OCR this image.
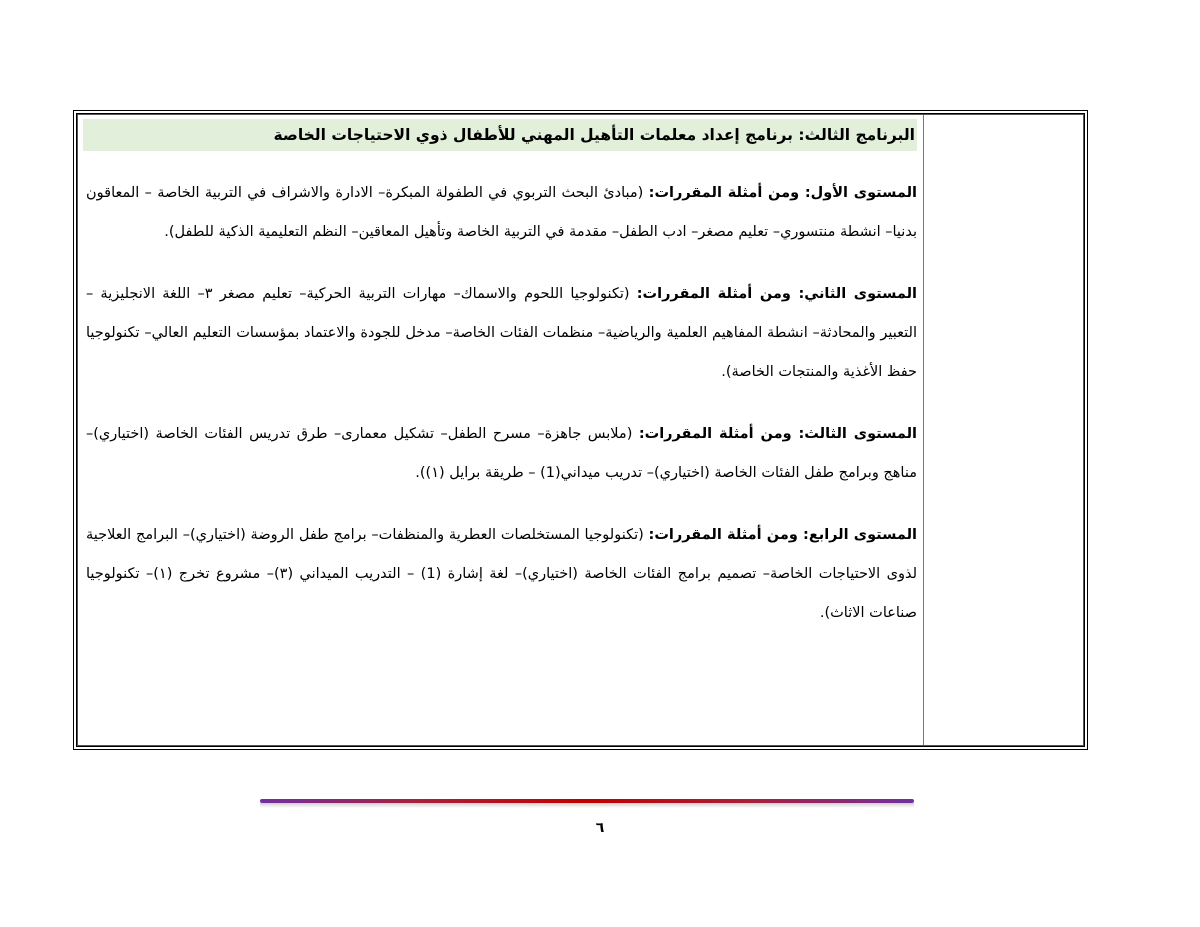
البرنامج الثالث: برنامج إعداد معلمات التأهيل المهني للأطفال ذوي الاحتياجات الخاصة
المستوى الأول: ومن أمثلة المقررات: (مبادئ البحث التربوي في الطفولة المبكرة– الادارة والاشراف في التربية الخاصة – المعاقون بدنيا– انشطة منتسوري– تعليم مصغر– ادب الطفل– مقدمة في التربية الخاصة وتأهيل المعاقين– النظم التعليمية الذكية للطفل).
المستوى الثاني: ومن أمثلة المقررات: (تكنولوجيا اللحوم والاسماك– مهارات التربية الحركية– تعليم مصغر ٣– اللغة الانجليزية – التعبير والمحادثة– انشطة المفاهيم العلمية والرياضية– منظمات الفئات الخاصة– مدخل للجودة والاعتماد بمؤسسات التعليم العالي– تكنولوجيا حفظ الأغذية والمنتجات الخاصة).
المستوى الثالث: ومن أمثلة المقررات: (ملابس جاهزة– مسرح الطفل– تشكيل معمارى– طرق تدريس الفئات الخاصة (اختياري)– مناهج وبرامج طفل الفئات الخاصة (اختياري)– تدريب ميداني(1) – طريقة برايل (١)).
المستوى الرابع: ومن أمثلة المقررات: (تكنولوجيا المستخلصات العطرية والمنظفات– برامج طفل الروضة (اختياري)– البرامج العلاجية لذوى الاحتياجات الخاصة– تصميم برامج الفئات الخاصة (اختياري)– لغة إشارة (1) – التدريب الميداني (٣)– مشروع تخرج (١)– تكنولوجيا صناعات الاثاث).
٦
